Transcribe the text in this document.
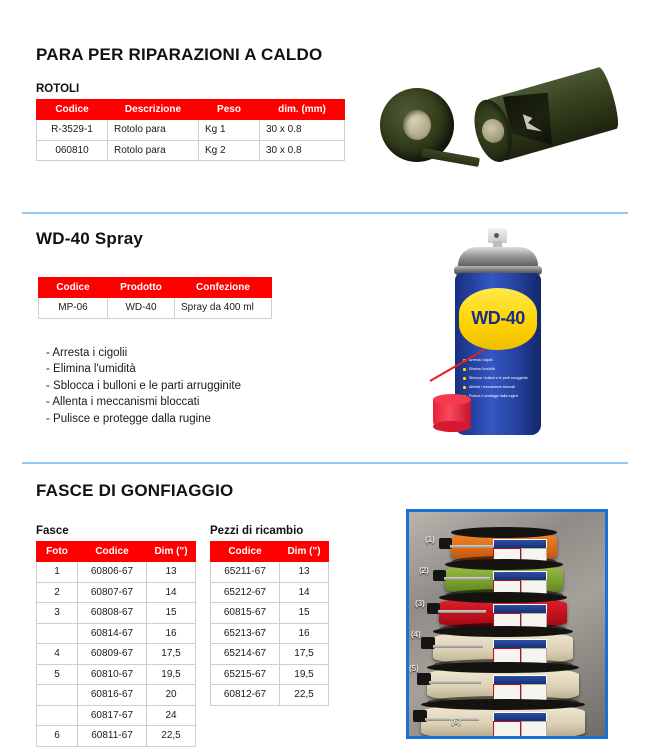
PARA PER RIPARAZIONI A CALDO
ROTOLI
Codice	Descrizione	Peso	dim. (mm)
R-3529-1	Rotolo para	Kg 1	30 x 0.8
060810	Rotolo para	Kg 2	30 x 0.8
WD-40 Spray
Codice	Prodotto	Confezione
MP-06	WD-40	Spray da 400 ml
- Arresta i cigolii
- Elimina l'umidità
- Sblocca i bulloni e le parti arrugginite
- Allenta i meccanismi bloccati
- Pulisce e protegge dalla rugine
WD-40
Arresta i cigolii
Elimina l'umidità
Sblocca i bulloni e le parti arrugginite
Allenta i meccanismi bloccati
Pulisce e protegge dalla rugine
FASCE DI GONFIAGGIO
Fasce
Foto	Codice	Dim (")
1	60806-67	13
2	60807-67	14
3	60808-67	15
	60814-67	16
4	60809-67	17,5
5	60810-67	19,5
	60816-67	20
	60817-67	24
6	60811-67	22,5
Pezzi di ricambio
Codice	Dim (")
65211-67	13
65212-67	14
60815-67	15
65213-67	16
65214-67	17,5
65215-67	19,5
60812-67	22,5
(1)
(2)
(3)
(4)
(5)
(6)
